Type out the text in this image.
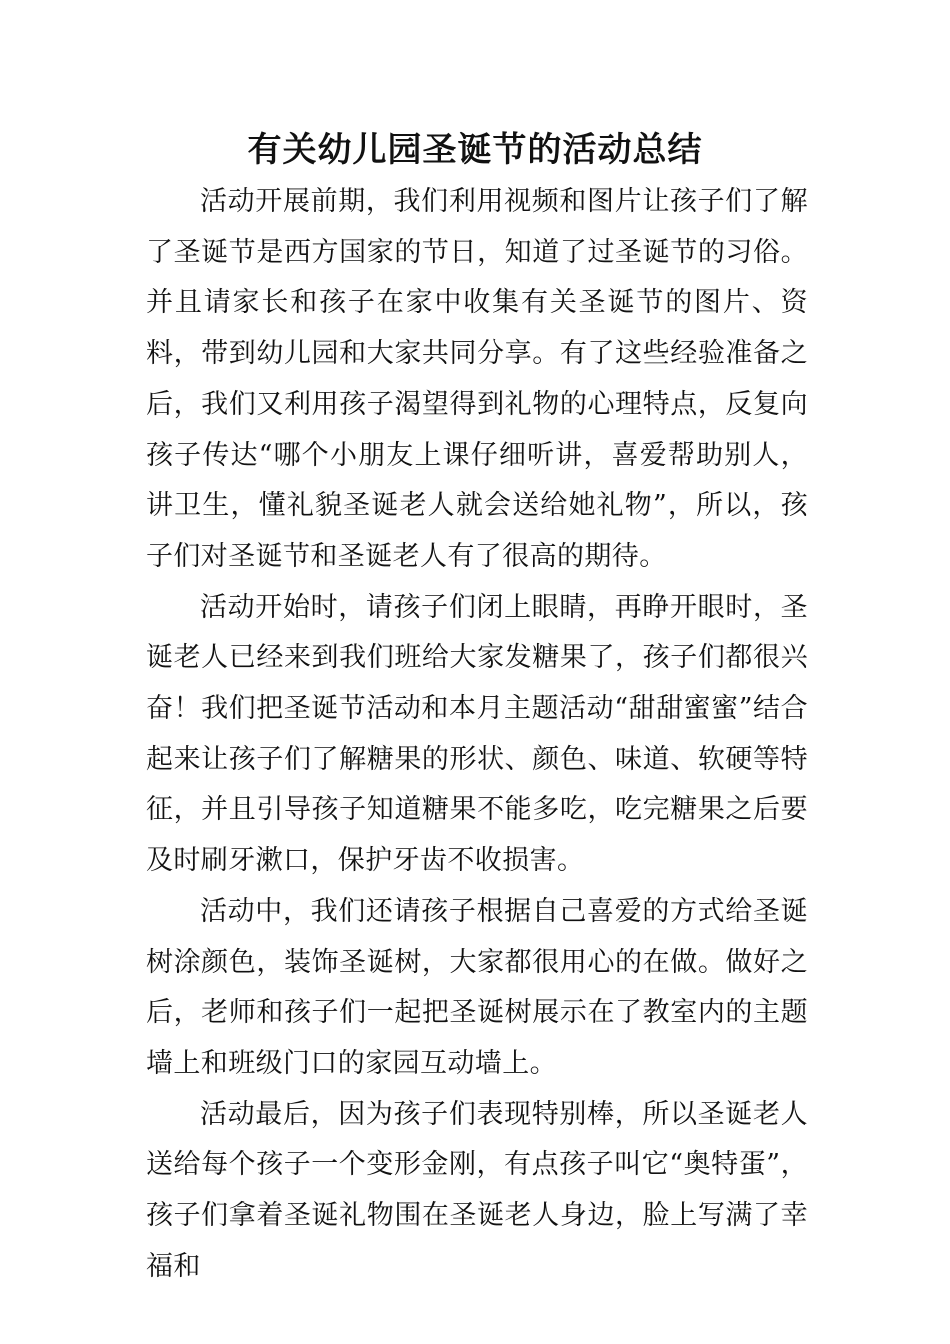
有关幼儿园圣诞节的活动总结

活动开展前期，我们利用视频和图片让孩子们了解了圣诞节是西方国家的节日，知道了过圣诞节的习俗。并且请家长和孩子在家中收集有关圣诞节的图片、资料，带到幼儿园和大家共同分享。有了这些经验准备之后，我们又利用孩子渴望得到礼物的心理特点，反复向孩子传达“哪个小朋友上课仔细听讲，喜爱帮助别人，讲卫生，懂礼貌圣诞老人就会送给她礼物”，所以，孩子们对圣诞节和圣诞老人有了很高的期待。

活动开始时，请孩子们闭上眼睛，再睁开眼时，圣诞老人已经来到我们班给大家发糖果了，孩子们都很兴奋！我们把圣诞节活动和本月主题活动“甜甜蜜蜜”结合起来让孩子们了解糖果的形状、颜色、味道、软硬等特征，并且引导孩子知道糖果不能多吃，吃完糖果之后要及时刷牙漱口，保护牙齿不收损害。

活动中，我们还请孩子根据自己喜爱的方式给圣诞树涂颜色，装饰圣诞树，大家都很用心的在做。做好之后，老师和孩子们一起把圣诞树展示在了教室内的主题墙上和班级门口的家园互动墙上。

活动最后，因为孩子们表现特别棒，所以圣诞老人送给每个孩子一个变形金刚，有点孩子叫它“奥特蛋”，孩子们拿着圣诞礼物围在圣诞老人身边，脸上写满了幸福和
